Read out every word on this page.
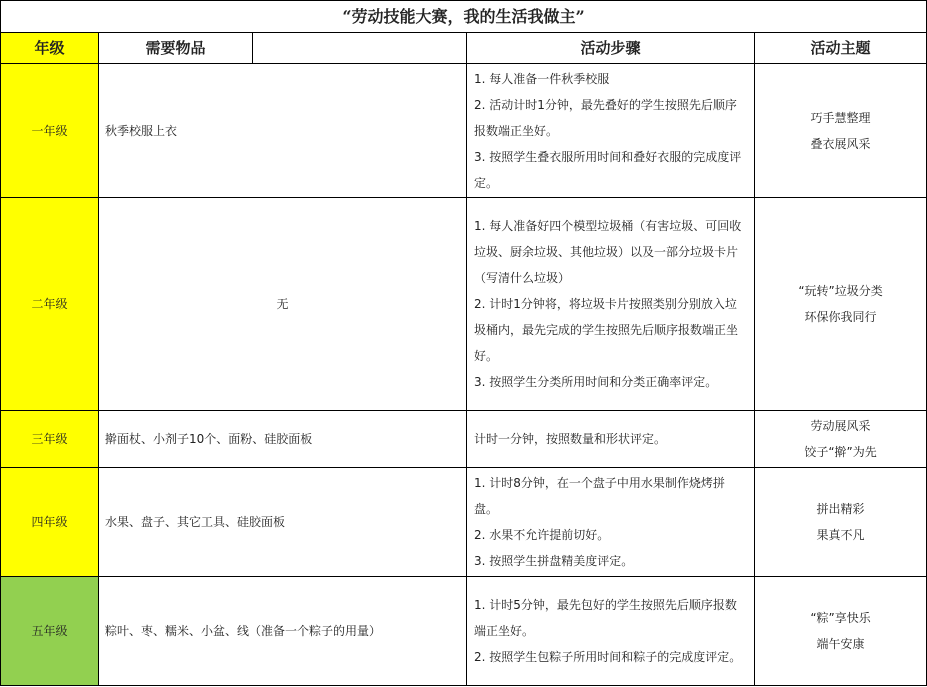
“劳动技能大赛，我的生活我做主”				
年级	需要物品		活动步骤	活动主题
一年级	秋季校服上衣		1. 每人准备一件秋季校服
2. 活动计时1分钟，最先叠好的学生按照先后顺序报数端正坐好。
3. 按照学生叠衣服所用时间和叠好衣服的完成度评定。	巧手慧整理
叠衣展风采

二年级	无		1. 每人准备好四个模型垃圾桶（有害垃圾、可回收垃圾、厨余垃圾、其他垃圾）以及一部分垃圾卡片（写清什么垃圾）
2. 计时1分钟将，将垃圾卡片按照类别分别放入垃圾桶内，最先完成的学生按照先后顺序报数端正坐好。
3. 按照学生分类所用时间和分类正确率评定。	“玩转”垃圾分类
环保你我同行

三年级	擀面杖、小剂子10个、面粉、硅胶面板		计时一分钟，按照数量和形状评定。	劳动展风采
饺子“擀”为先

四年级	水果、盘子、其它工具、硅胶面板		1. 计时8分钟，在一个盘子中用水果制作烧烤拼盘。
2. 水果不允许提前切好。
3. 按照学生拼盘精美度评定。	拼出精彩
果真不凡

五年级	粽叶、枣、糯米、小盆、线（准备一个粽子的用量）		1. 计时5分钟，最先包好的学生按照先后顺序报数端正坐好。
2. 按照学生包粽子所用时间和粽子的完成度评定。	“粽”享快乐
端午安康
